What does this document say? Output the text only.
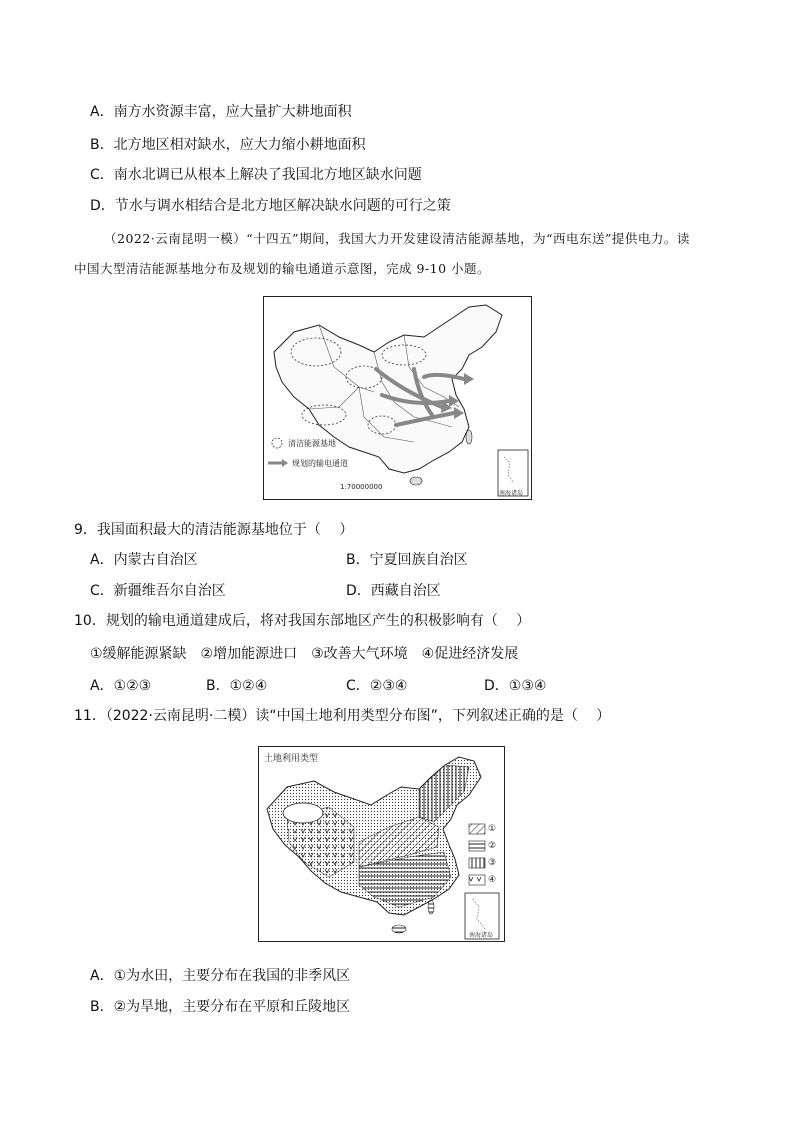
A．南方水资源丰富，应大量扩大耕地面积
B．北方地区相对缺水，应大力缩小耕地面积
C．南水北调已从根本上解决了我国北方地区缺水问题
D．节水与调水相结合是北方地区解决缺水问题的可行之策
（2022·云南昆明一模）“十四五”期间，我国大力开发建设清洁能源基地，为“西电东送”提供电力。读
中国大型清洁能源基地分布及规划的输电通道示意图，完成 9-10 小题。
清洁能源基地
规划的输电通道
1:70000000
南海诸岛
9．我国面积最大的清洁能源基地位于（　 ）
A．内蒙古自治区	B．宁夏回族自治区
C．新疆维吾尔自治区	D．西藏自治区
10．规划的输电通道建成后，将对我国东部地区产生的积极影响有（　 ）
①缓解能源紧缺　②增加能源进口　③改善大气环境　④促进经济发展
A．①②③	B．①②④	C．②③④	D．①③④
11．（2022·云南昆明·二模）读“中国土地利用类型分布图”，下列叙述正确的是（　 ）
土地利用类型
①
②
③
④
南海诸岛
A．①为水田，主要分布在我国的非季风区
B．②为旱地，主要分布在平原和丘陵地区
